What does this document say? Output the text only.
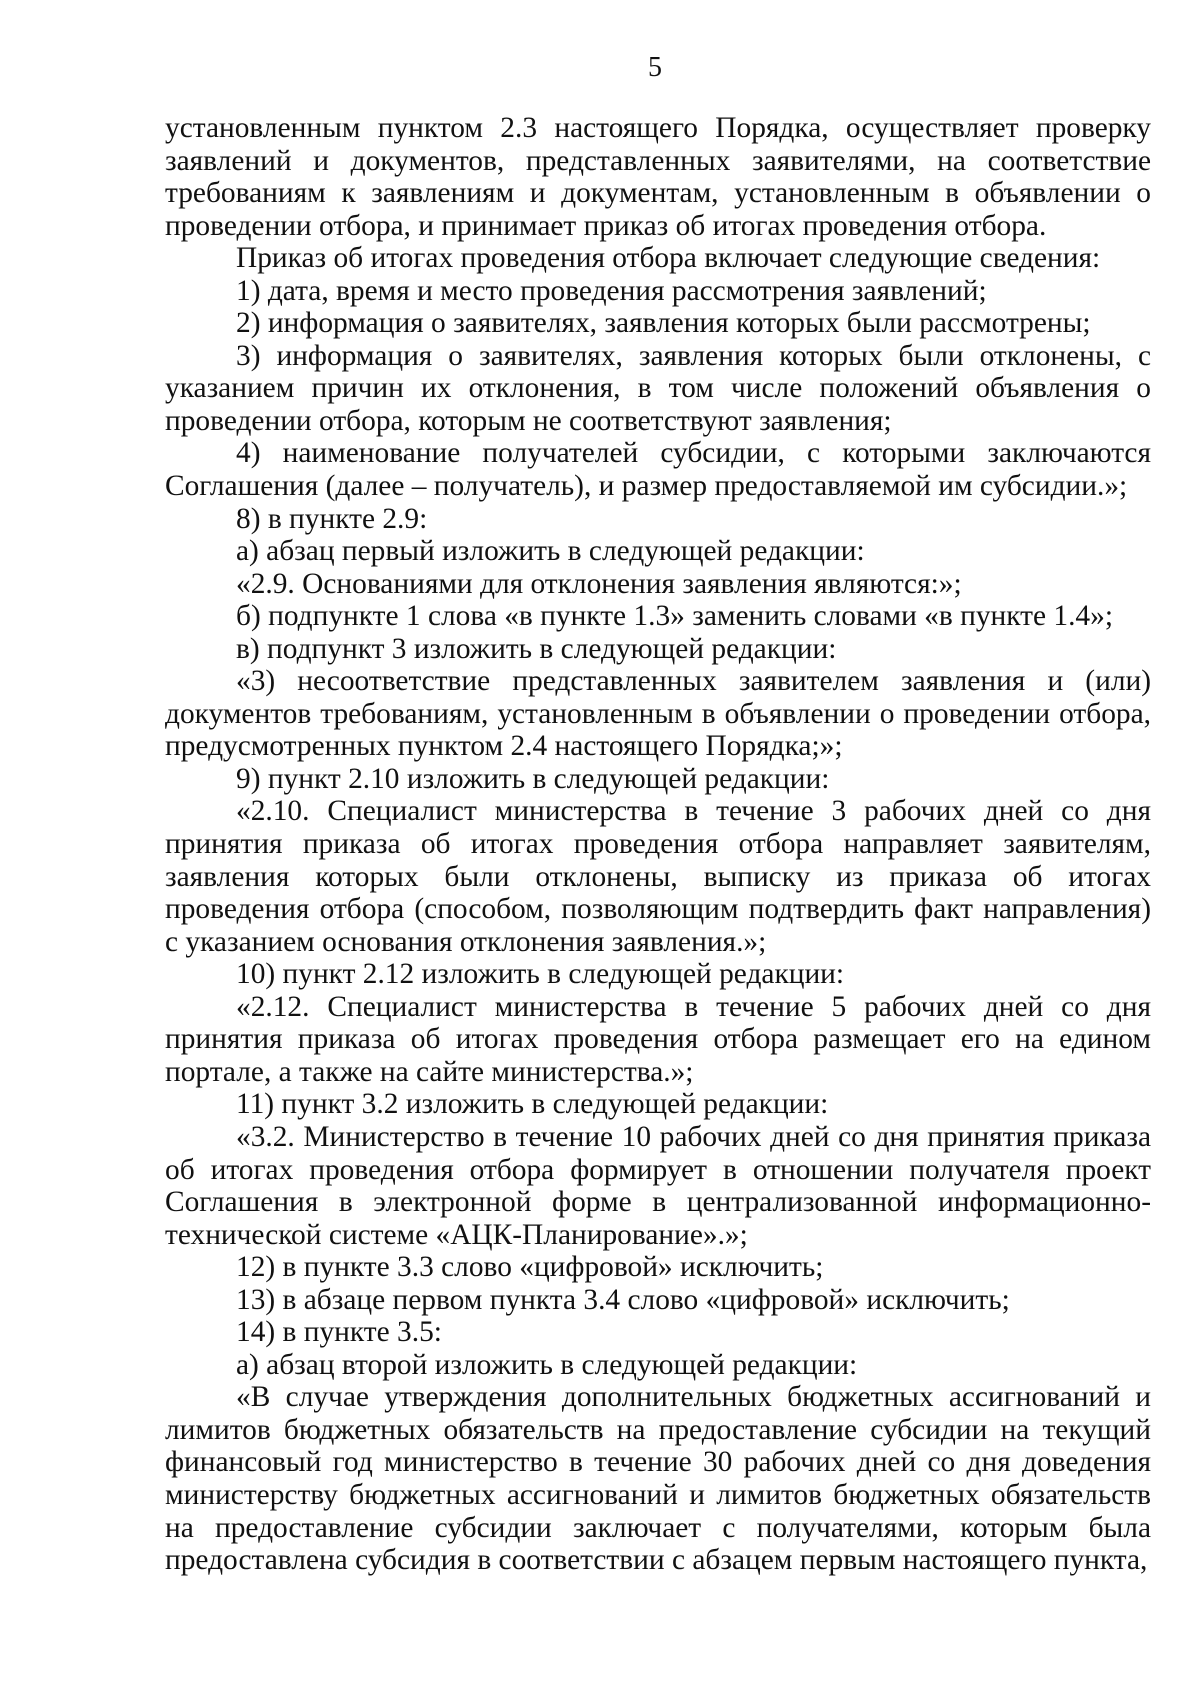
5

установленным пунктом 2.3 настоящего Порядка, осуществляет проверку заявлений и документов, представленных заявителями, на соответствие требованиям к заявлениям и документам, установленным в объявлении о проведении отбора, и принимает приказ об итогах проведения отбора.

Приказ об итогах проведения отбора включает следующие сведения:

1) дата, время и место проведения рассмотрения заявлений;

2) информация о заявителях, заявления которых были рассмотрены;

3) информация о заявителях, заявления которых были отклонены, с указанием причин их отклонения, в том числе положений объявления о проведении отбора, которым не соответствуют заявления;

4) наименование получателей субсидии, с которыми заключаются Соглашения (далее – получатель), и размер предоставляемой им субсидии.»;

8) в пункте 2.9:

а) абзац первый изложить в следующей редакции:

«2.9. Основаниями для отклонения заявления являются:»;

б) подпункте 1 слова «в пункте 1.3» заменить словами «в пункте 1.4»;

в) подпункт 3 изложить в следующей редакции:

«3) несоответствие представленных заявителем заявления и (или) документов требованиям, установленным в объявлении о проведении отбора, предусмотренных пунктом 2.4 настоящего Порядка;»;

9) пункт 2.10 изложить в следующей редакции:

«2.10. Специалист министерства в течение 3 рабочих дней со дня принятия приказа об итогах проведения отбора направляет заявителям, заявления которых были отклонены, выписку из приказа об итогах проведения отбора (способом, позволяющим подтвердить факт направления) с указанием основания отклонения заявления.»;

10) пункт 2.12 изложить в следующей редакции:

«2.12. Специалист министерства в течение 5 рабочих дней со дня принятия приказа об итогах проведения отбора размещает его на едином портале, а также на сайте министерства.»;

11) пункт 3.2 изложить в следующей редакции:

«3.2. Министерство в течение 10 рабочих дней со дня принятия приказа об итогах проведения отбора формирует в отношении получателя проект Соглашения в электронной форме в централизованной информационно-технической системе «АЦК-Планирование».»;

12) в пункте 3.3 слово «цифровой» исключить;

13) в абзаце первом пункта 3.4 слово «цифровой» исключить;

14) в пункте 3.5:

а) абзац второй изложить в следующей редакции:

«В случае утверждения дополнительных бюджетных ассигнований и лимитов бюджетных обязательств на предоставление субсидии на текущий финансовый год министерство в течение 30 рабочих дней со дня доведения министерству бюджетных ассигнований и лимитов бюджетных обязательств на предоставление субсидии заключает с получателями, которым была предоставлена субсидия в соответствии с абзацем первым настоящего пункта,
